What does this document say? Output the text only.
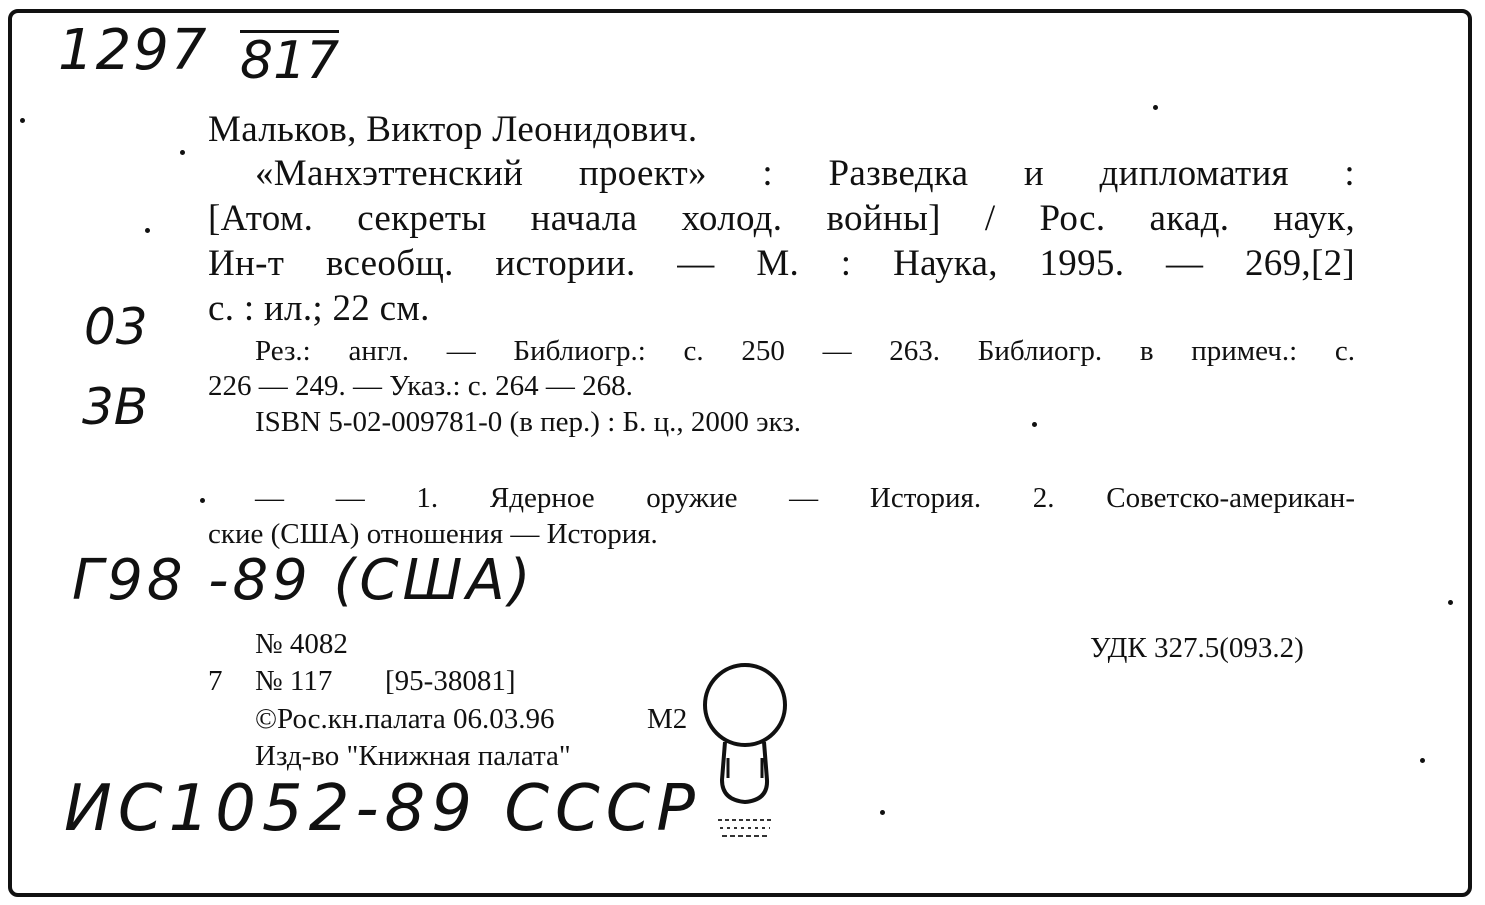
1297 817
03
3B
Г98 -89 (США)
ИС1052-89 СССР
Мальков, Виктор Леонидович.
«Манхэттенский проект» : Разведка и дипломатия :
[Атом. секреты начала холод. войны] / Рос. акад. наук,
Ин-т всеобщ. истории. — М. : Наука, 1995. — 269,[2]
с. : ил.; 22 см.
Рез.: англ. — Библиогр.: с. 250 — 263. Библиогр. в примеч.: с.
226 — 249. — Указ.: с. 264 — 268.
ISBN 5-02-009781-0 (в пер.) : Б. ц., 2000 экз.
— — 1. Ядерное оружие — История. 2. Советско-американ-
ские (США) отношения — История.
№ 4082	УДК 327.5(093.2)
7 № 117 [95-38081]
©Рос.кн.палата 06.03.96	М2
Изд-во "Книжная палата"
